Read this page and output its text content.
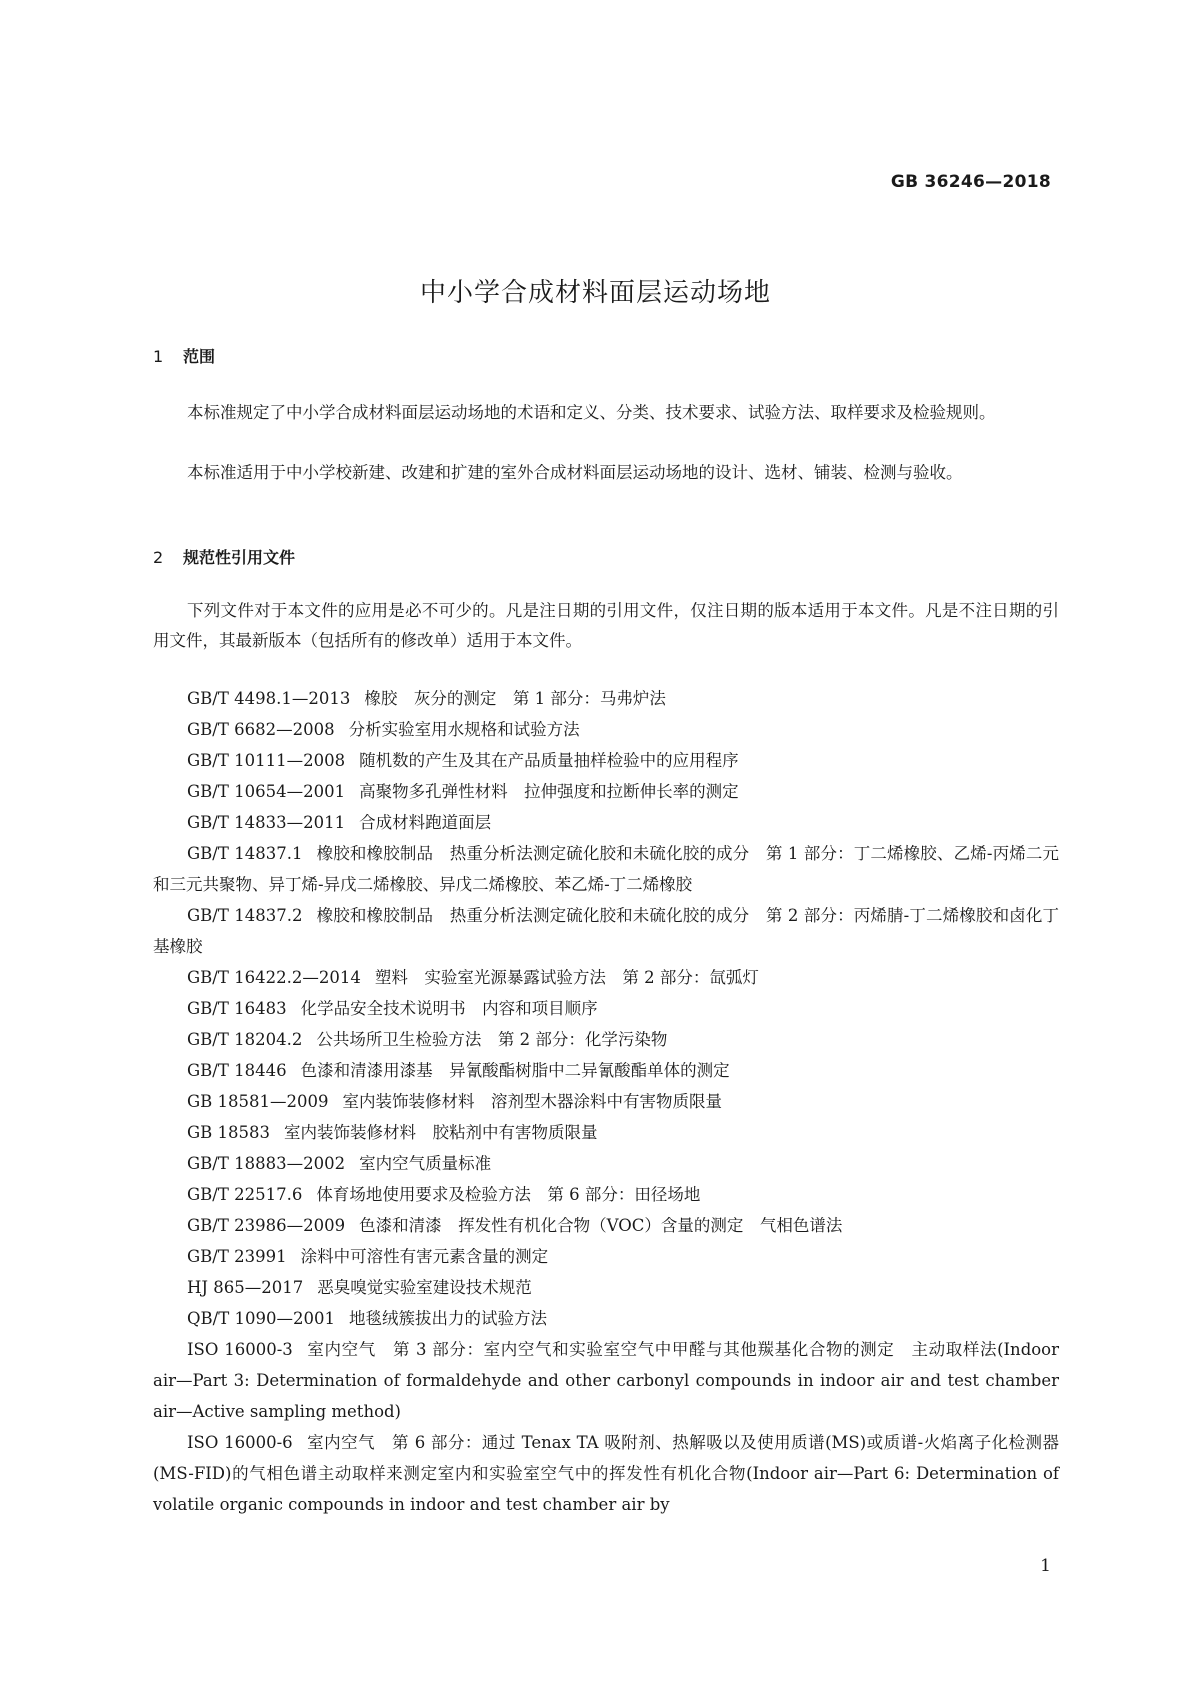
GB 36246—2018
中小学合成材料面层运动场地
1 范围
本标准规定了中小学合成材料面层运动场地的术语和定义、分类、技术要求、试验方法、取样要求及检验规则。
本标准适用于中小学校新建、改建和扩建的室外合成材料面层运动场地的设计、选材、铺装、检测与验收。
2 规范性引用文件
下列文件对于本文件的应用是必不可少的。凡是注日期的引用文件，仅注日期的版本适用于本文件。凡是不注日期的引用文件，其最新版本（包括所有的修改单）适用于本文件。
GB/T 4498.1—2013 橡胶　灰分的测定　第 1 部分：马弗炉法
GB/T 6682—2008 分析实验室用水规格和试验方法
GB/T 10111—2008 随机数的产生及其在产品质量抽样检验中的应用程序
GB/T 10654—2001 高聚物多孔弹性材料　拉伸强度和拉断伸长率的测定
GB/T 14833—2011 合成材料跑道面层
GB/T 14837.1 橡胶和橡胶制品　热重分析法测定硫化胶和未硫化胶的成分　第 1 部分：丁二烯橡胶、乙烯-丙烯二元和三元共聚物、异丁烯-异戊二烯橡胶、异戊二烯橡胶、苯乙烯-丁二烯橡胶
GB/T 14837.2 橡胶和橡胶制品　热重分析法测定硫化胶和未硫化胶的成分　第 2 部分：丙烯腈-丁二烯橡胶和卤化丁基橡胶
GB/T 16422.2—2014 塑料　实验室光源暴露试验方法　第 2 部分：氙弧灯
GB/T 16483 化学品安全技术说明书　内容和项目顺序
GB/T 18204.2 公共场所卫生检验方法　第 2 部分：化学污染物
GB/T 18446 色漆和清漆用漆基　异氰酸酯树脂中二异氰酸酯单体的测定
GB 18581—2009 室内装饰装修材料　溶剂型木器涂料中有害物质限量
GB 18583 室内装饰装修材料　胶粘剂中有害物质限量
GB/T 18883—2002 室内空气质量标准
GB/T 22517.6 体育场地使用要求及检验方法　第 6 部分：田径场地
GB/T 23986—2009 色漆和清漆　挥发性有机化合物（VOC）含量的测定　气相色谱法
GB/T 23991 涂料中可溶性有害元素含量的测定
HJ 865—2017 恶臭嗅觉实验室建设技术规范
QB/T 1090—2001 地毯绒簇拔出力的试验方法
ISO 16000-3 室内空气　第 3 部分：室内空气和实验室空气中甲醛与其他羰基化合物的测定　主动取样法(Indoor air—Part 3: Determination of formaldehyde and other carbonyl compounds in indoor air and test chamber air—Active sampling method)
ISO 16000-6 室内空气　第 6 部分：通过 Tenax TA 吸附剂、热解吸以及使用质谱(MS)或质谱-火焰离子化检测器(MS-FID)的气相色谱主动取样来测定室内和实验室空气中的挥发性有机化合物(Indoor air—Part 6: Determination of volatile organic compounds in indoor and test chamber air by
1
